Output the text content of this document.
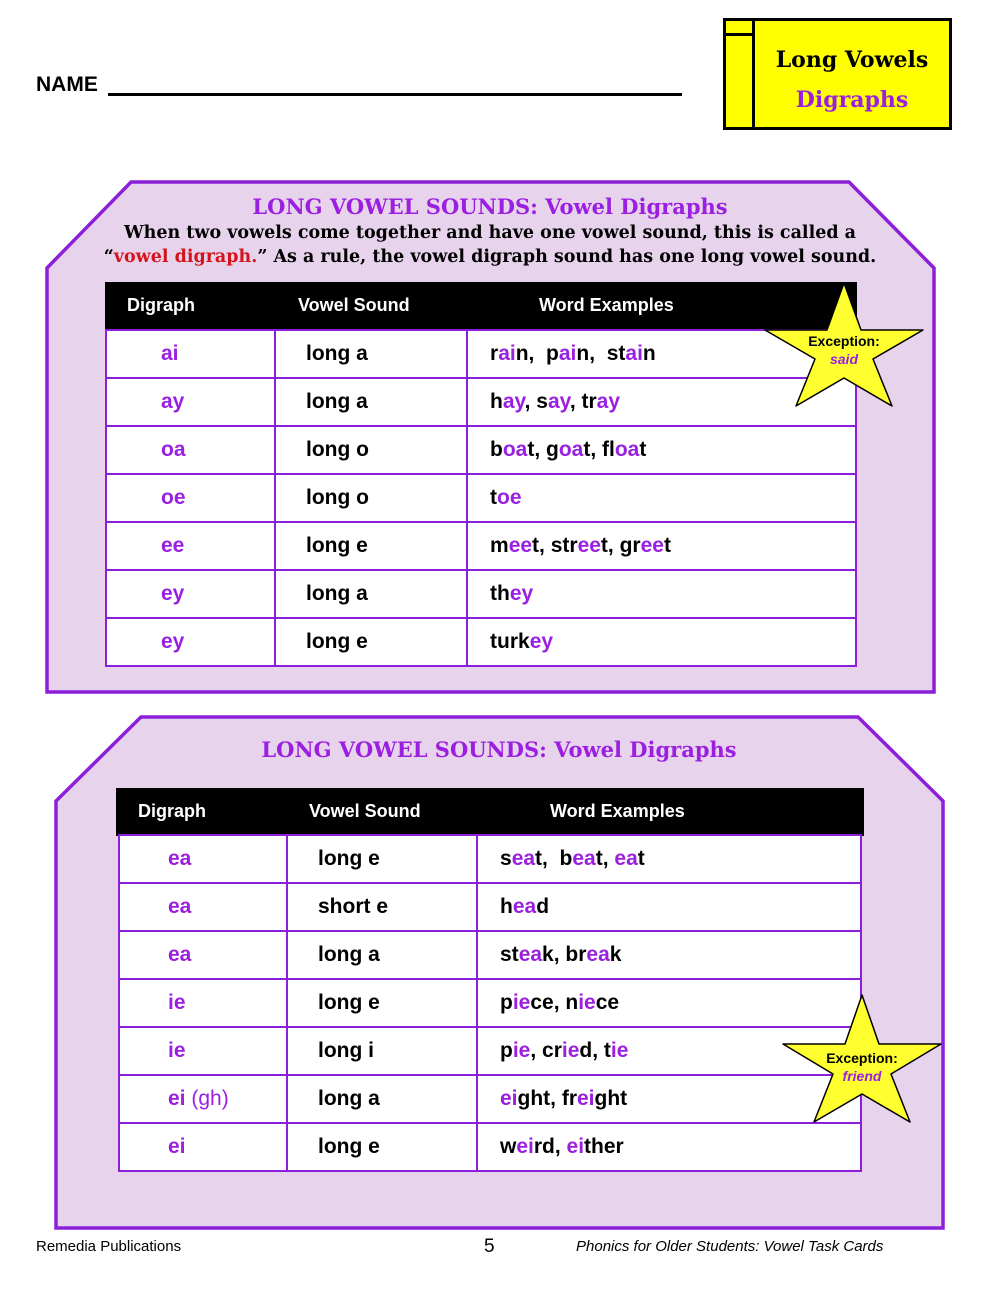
NAME
Long Vowels
Digraphs
LONG VOWEL SOUNDS: Vowel Digraphs
When two vowels come together and have one vowel sound, this is called a
“vowel digraph.” As a rule, the vowel digraph sound has one long vowel sound.
Digraph	Vowel Sound	Word Examples
ai	long a	rain,  pain,  stain
ay	long a	hay, say, tray
oa	long o	boat, goat, float
oe	long o	toe
ee	long e	meet, street, greet
ey	long a	they
ey	long e	turkey
Exception:
said
LONG VOWEL SOUNDS: Vowel Digraphs
Digraph	Vowel Sound	Word Examples
ea	long e	seat,  beat, eat
ea	short e	head
ea	long a	steak, break
ie	long e	piece, niece
ie	long i	pie, cried, tie
ei (gh)	long a	eight, freight
ei	long e	weird, either
Exception:
friend
Remedia Publications	5	Phonics for Older Students: Vowel Task Cards
